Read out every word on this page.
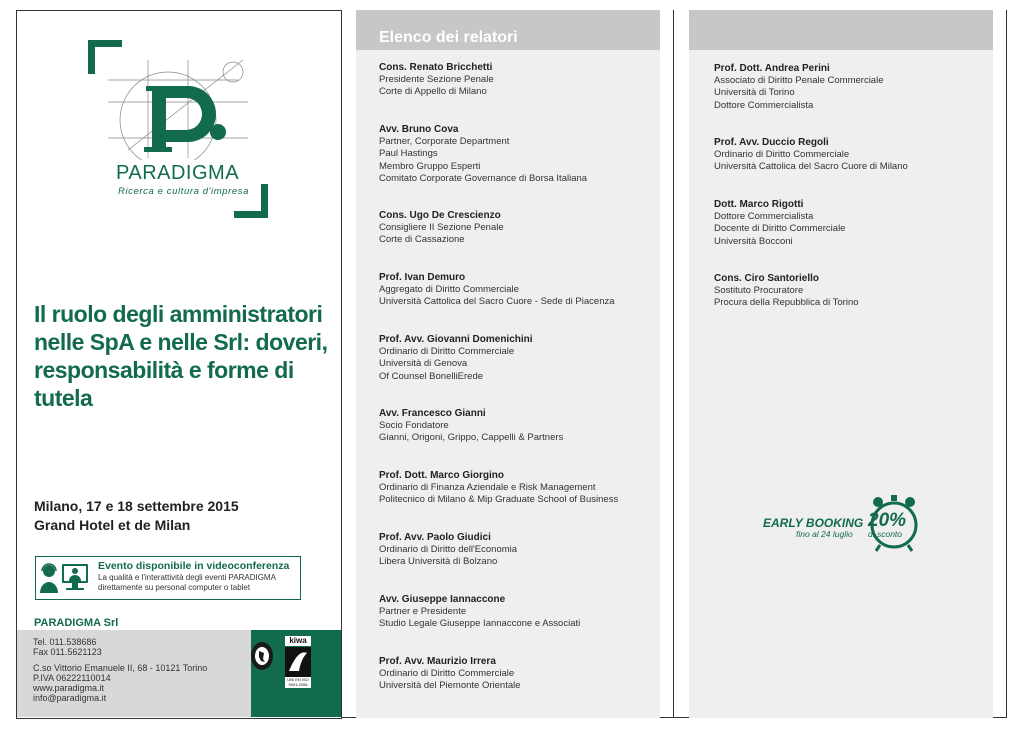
PARADIGMA
Ricerca e cultura d'impresa
Il ruolo degli amministratori nelle SpA e nelle Srl: doveri, responsabilità e forme di tutela
Milano, 17 e 18 settembre 2015
Grand Hotel et de Milan
Evento disponibile in videoconferenza
La qualità e l'interattività degli eventi PARADIGMA direttamente su personal computer o tablet
PARADIGMA Srl
Tel. 011.538686
Fax 011.5621123
C.so Vittorio Emanuele II, 68 - 10121 Torino
P.IVA 06222110014
www.paradigma.it
info@paradigma.it
kiwa
UNI EN ISO 9001:2008
Elenco dei relatori
Cons. Renato Bricchetti
Presidente Sezione Penale
Corte di Appello di Milano
Avv. Bruno Cova
Partner, Corporate Department
Paul Hastings
Membro Gruppo Esperti
Comitato Corporate Governance di Borsa Italiana
Cons. Ugo De Crescienzo
Consigliere II Sezione Penale
Corte di Cassazione
Prof. Ivan Demuro
Aggregato di Diritto Commerciale
Università Cattolica del Sacro Cuore - Sede di Piacenza
Prof. Avv. Giovanni Domenichini
Ordinario di Diritto Commerciale
Università di Genova
Of Counsel BonelliErede
Avv. Francesco Gianni
Socio Fondatore
Gianni, Origoni, Grippo, Cappelli & Partners
Prof. Dott. Marco Giorgino
Ordinario di Finanza Aziendale e Risk Management
Politecnico di Milano & Mip Graduate School of Business
Prof. Avv. Paolo Giudici
Ordinario di Diritto dell'Economia
Libera Università di Bolzano
Avv. Giuseppe Iannaccone
Partner e Presidente
Studio Legale Giuseppe Iannaccone e Associati
Prof. Avv. Maurizio Irrera
Ordinario di Diritto Commerciale
Università del Piemonte Orientale
Prof. Dott. Andrea Perini
Associato di Diritto Penale Commerciale
Università di Torino
Dottore Commercialista
Prof. Avv. Duccio Regoli
Ordinario di Diritto Commerciale
Università Cattolica del Sacro Cuore di Milano
Dott. Marco Rigotti
Dottore Commercialista
Docente di Diritto Commerciale
Università Bocconi
Cons. Ciro Santoriello
Sostituto Procuratore
Procura della Repubblica di Torino
EARLY BOOKING
fino al 24 luglio
20%
di sconto
